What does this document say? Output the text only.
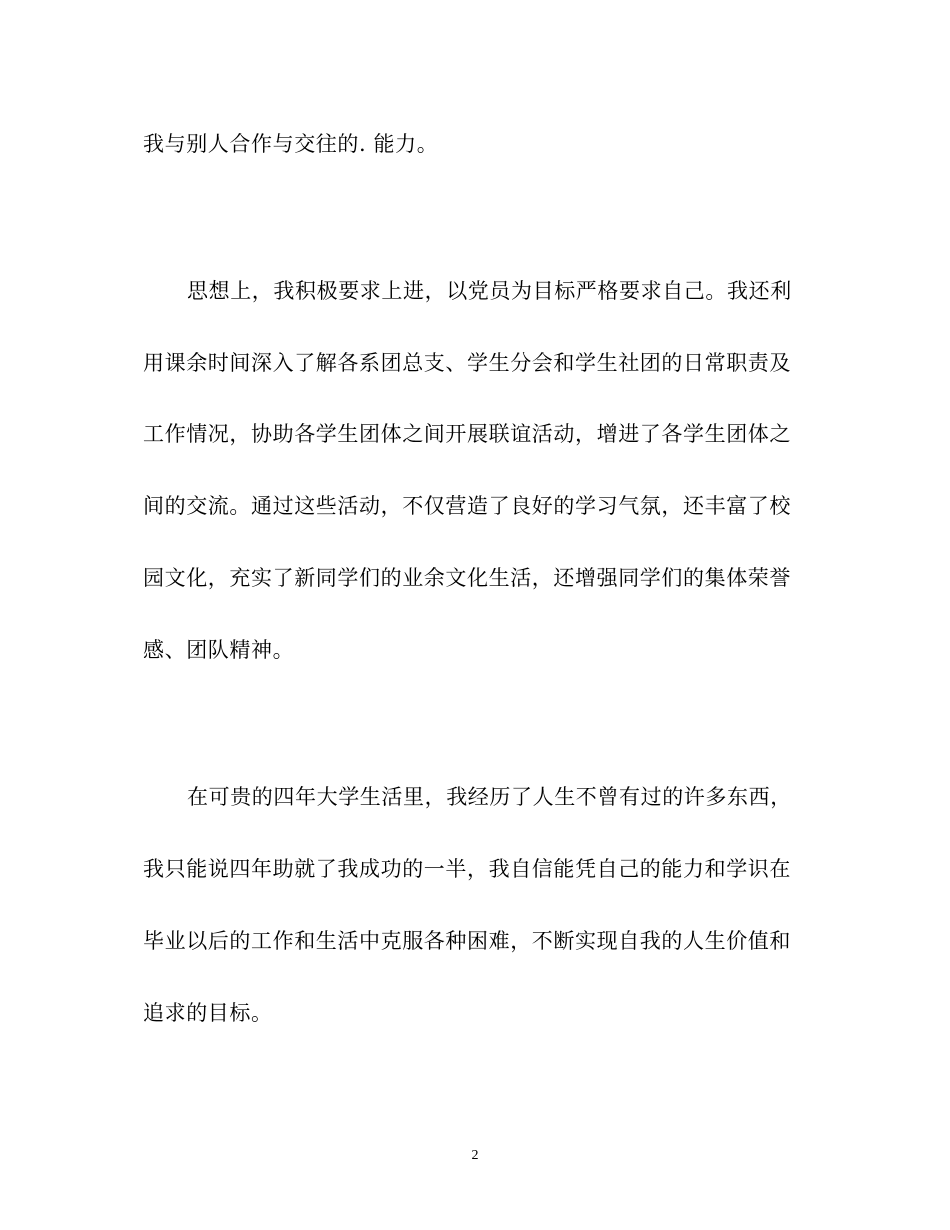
我与别人合作与交往的. 能力。
思想上，我积极要求上进，以党员为目标严格要求自己。我还利
用课余时间深入了解各系团总支、学生分会和学生社团的日常职责及
工作情况，协助各学生团体之间开展联谊活动，增进了各学生团体之
间的交流。通过这些活动，不仅营造了良好的学习气氛，还丰富了校
园文化，充实了新同学们的业余文化生活，还增强同学们的集体荣誉
感、团队精神。
在可贵的四年大学生活里，我经历了人生不曾有过的许多东西，
我只能说四年助就了我成功的一半，我自信能凭自己的能力和学识在
毕业以后的工作和生活中克服各种困难，不断实现自我的人生价值和
追求的目标。
2
